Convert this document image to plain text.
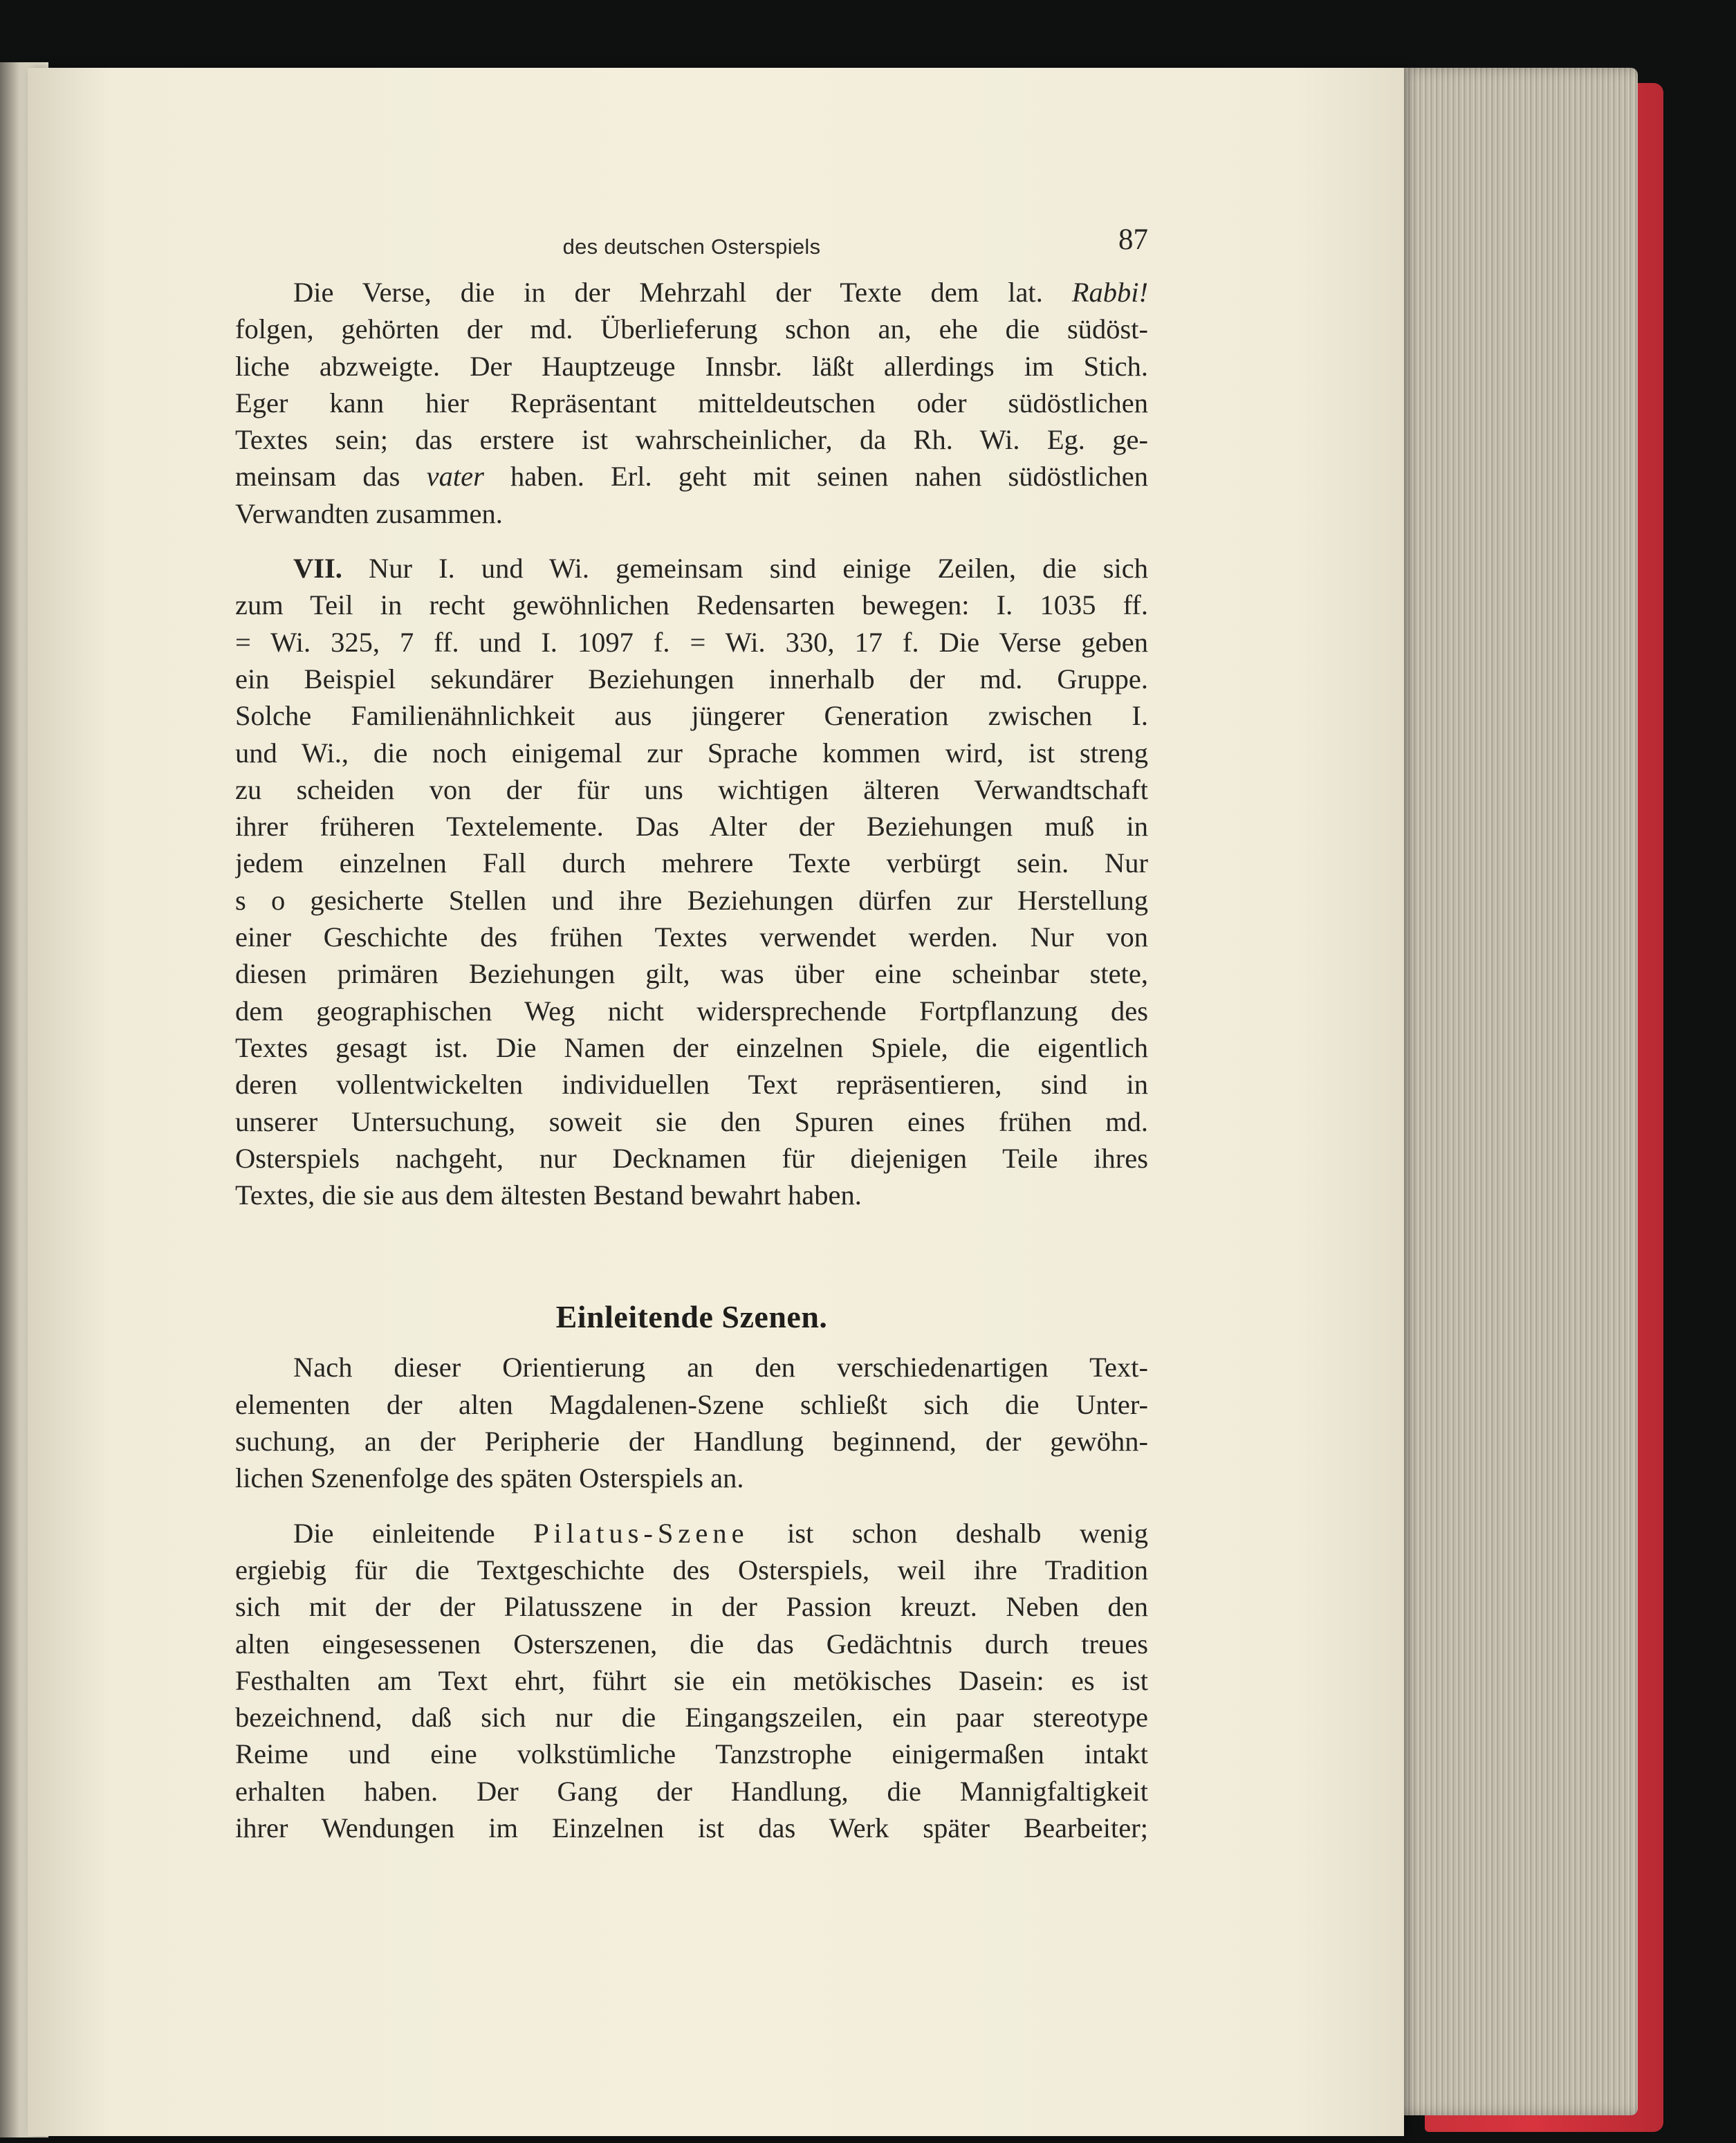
des deutschen Osterspiels	87

Die Verse, die in der Mehrzahl der Texte dem lat. Rabbi!
folgen, gehörten der md. Überlieferung schon an, ehe die südöst-
liche abzweigte. Der Hauptzeuge Innsbr. läßt allerdings im Stich.
Eger kann hier Repräsentant mitteldeutschen oder südöstlichen
Textes sein; das erstere ist wahrscheinlicher, da Rh. Wi. Eg. ge-
meinsam das vater haben. Erl. geht mit seinen nahen südöstlichen
Verwandten zusammen.

VII. Nur I. und Wi. gemeinsam sind einige Zeilen, die sich
zum Teil in recht gewöhnlichen Redensarten bewegen: I. 1035 ff.
= Wi. 325, 7 ff. und I. 1097 f. = Wi. 330, 17 f. Die Verse geben
ein Beispiel sekundärer Beziehungen innerhalb der md. Gruppe.
Solche Familienähnlichkeit aus jüngerer Generation zwischen I.
und Wi., die noch einigemal zur Sprache kommen wird, ist streng
zu scheiden von der für uns wichtigen älteren Verwandtschaft
ihrer früheren Textelemente. Das Alter der Beziehungen muß in
jedem einzelnen Fall durch mehrere Texte verbürgt sein. Nur
s o gesicherte Stellen und ihre Beziehungen dürfen zur Herstellung
einer Geschichte des frühen Textes verwendet werden. Nur von
diesen primären Beziehungen gilt, was über eine scheinbar stete,
dem geographischen Weg nicht widersprechende Fortpflanzung des
Textes gesagt ist. Die Namen der einzelnen Spiele, die eigentlich
deren vollentwickelten individuellen Text repräsentieren, sind in
unserer Untersuchung, soweit sie den Spuren eines frühen md.
Osterspiels nachgeht, nur Decknamen für diejenigen Teile ihres
Textes, die sie aus dem ältesten Bestand bewahrt haben.

Einleitende Szenen.

Nach dieser Orientierung an den verschiedenartigen Text-
elementen der alten Magdalenen-Szene schließt sich die Unter-
suchung, an der Peripherie der Handlung beginnend, der gewöhn-
lichen Szenenfolge des späten Osterspiels an.

Die einleitende Pilatus-Szene ist schon deshalb wenig
ergiebig für die Textgeschichte des Osterspiels, weil ihre Tradition
sich mit der der Pilatusszene in der Passion kreuzt. Neben den
alten eingesessenen Osterszenen, die das Gedächtnis durch treues
Festhalten am Text ehrt, führt sie ein metökisches Dasein: es ist
bezeichnend, daß sich nur die Eingangszeilen, ein paar stereotype
Reime und eine volkstümliche Tanzstrophe einigermaßen intakt
erhalten haben. Der Gang der Handlung, die Mannigfaltigkeit
ihrer Wendungen im Einzelnen ist das Werk später Bearbeiter;
